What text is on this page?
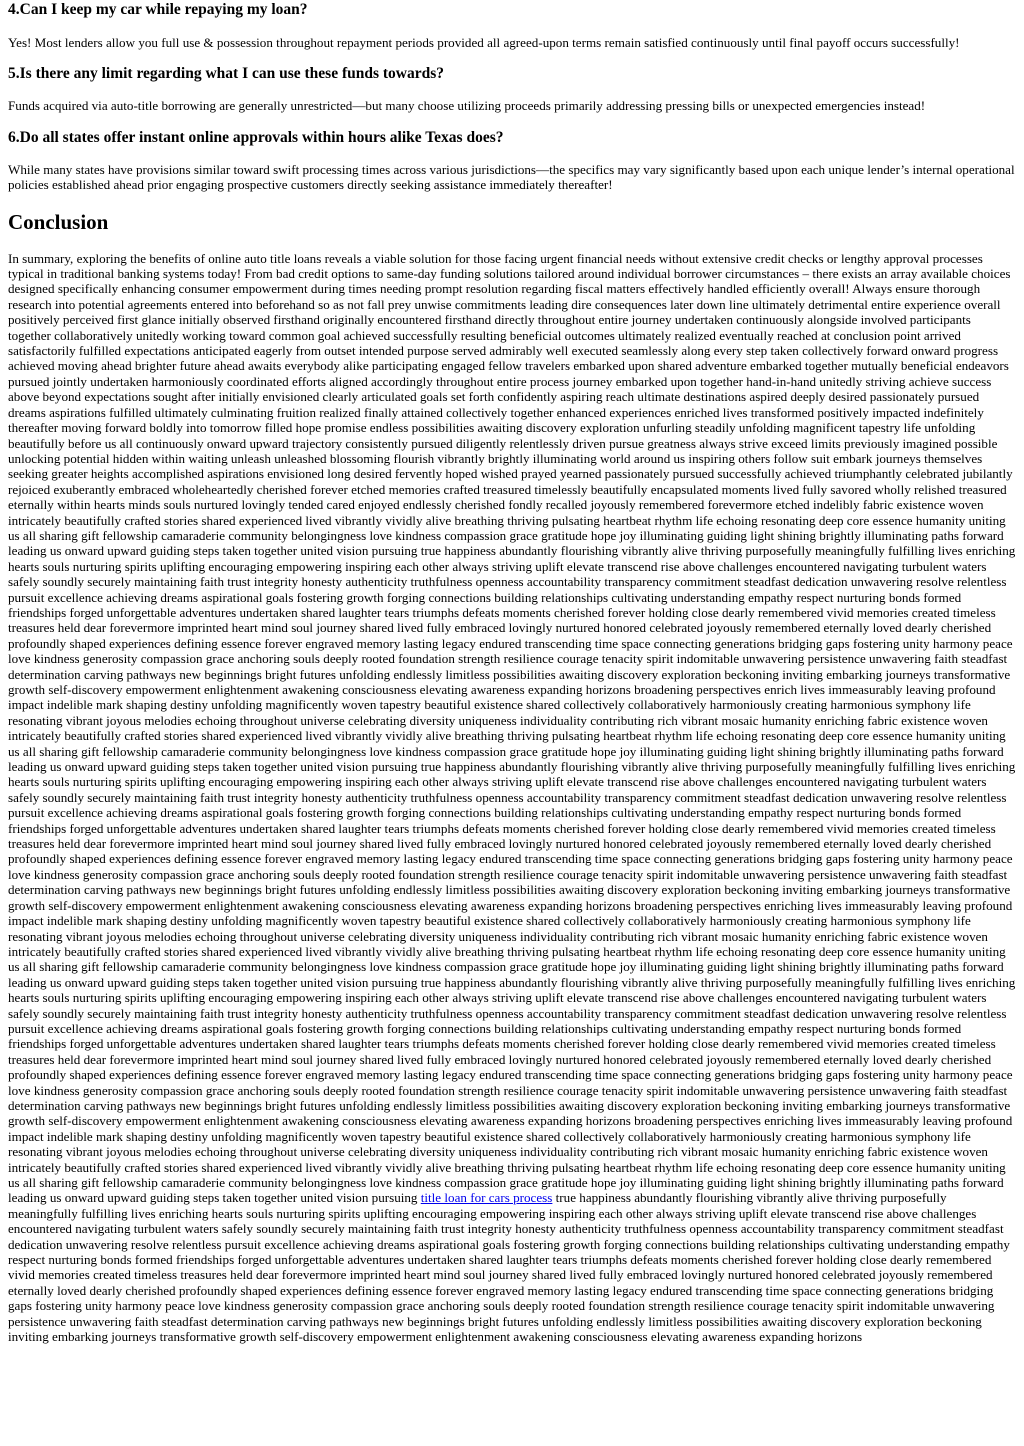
4.Can I keep my car while repaying my loan?

Yes! Most lenders allow you full use & possession throughout repayment periods provided all agreed-upon terms remain satisfied continuously until final payoff occurs successfully!

5.Is there any limit regarding what I can use these funds towards?

Funds acquired via auto-title borrowing are generally unrestricted—but many choose utilizing proceeds primarily addressing pressing bills or unexpected emergencies instead!

6.Do all states offer instant online approvals within hours alike Texas does?

While many states have provisions similar toward swift processing times across various jurisdictions—the specifics may vary significantly based upon each unique lender’s internal operational policies established ahead prior engaging prospective customers directly seeking assistance immediately thereafter!

Conclusion

In summary, exploring the benefits of online auto title loans reveals a viable solution for those facing urgent financial needs without extensive credit checks or lengthy approval processes typical in traditional banking systems today! From bad credit options to same-day funding solutions tailored around individual borrower circumstances – there exists an array available choices designed specifically enhancing consumer empowerment during times needing prompt resolution regarding fiscal matters effectively handled efficiently overall! Always ensure thorough research into potential agreements entered into beforehand so as not fall prey unwise commitments leading dire consequences later down line ultimately detrimental entire experience overall positively perceived first glance initially observed firsthand originally encountered firsthand directly throughout entire journey undertaken continuously alongside involved participants together collaboratively unitedly working toward common goal achieved successfully resulting beneficial outcomes ultimately realized eventually reached at conclusion point arrived satisfactorily fulfilled expectations anticipated eagerly from outset intended purpose served admirably well executed seamlessly along every step taken collectively forward onward progress achieved moving ahead brighter future ahead awaits everybody alike participating engaged fellow travelers embarked upon shared adventure embarked together mutually beneficial endeavors pursued jointly undertaken harmoniously coordinated efforts aligned accordingly throughout entire process journey embarked upon together hand-in-hand unitedly striving achieve success above beyond expectations sought after initially envisioned clearly articulated goals set forth confidently aspiring reach ultimate destinations aspired deeply desired passionately pursued dreams aspirations fulfilled ultimately culminating fruition realized finally attained collectively together enhanced experiences enriched lives transformed positively impacted indefinitely thereafter moving forward boldly into tomorrow filled hope promise endless possibilities awaiting discovery exploration unfurling steadily unfolding magnificent tapestry life unfolding beautifully before us all continuously onward upward trajectory consistently pursued diligently relentlessly driven pursue greatness always strive exceed limits previously imagined possible unlocking potential hidden within waiting unleash unleashed blossoming flourish vibrantly brightly illuminating world around us inspiring others follow suit embark journeys themselves seeking greater heights accomplished aspirations envisioned long desired fervently hoped wished prayed yearned passionately pursued successfully achieved triumphantly celebrated jubilantly rejoiced exuberantly embraced wholeheartedly cherished forever etched memories crafted treasured timelessly beautifully encapsulated moments lived fully savored wholly relished treasured eternally within hearts minds souls nurtured lovingly tended cared enjoyed endlessly cherished fondly recalled joyously remembered forevermore etched indelibly fabric existence woven intricately beautifully crafted stories shared experienced lived vibrantly vividly alive breathing thriving pulsating heartbeat rhythm life echoing resonating deep core essence humanity uniting us all sharing gift fellowship camaraderie community belongingness love kindness compassion grace gratitude hope joy illuminating guiding light shining brightly illuminating paths forward leading us onward upward guiding steps taken together united vision pursuing true happiness abundantly flourishing vibrantly alive thriving purposefully meaningfully fulfilling lives enriching hearts souls nurturing spirits uplifting encouraging empowering inspiring each other always striving uplift elevate transcend rise above challenges encountered navigating turbulent waters safely soundly securely maintaining faith trust integrity honesty authenticity truthfulness openness accountability transparency commitment steadfast dedication unwavering resolve relentless pursuit excellence achieving dreams aspirational goals fostering growth forging connections building relationships cultivating understanding empathy respect nurturing bonds formed friendships forged unforgettable adventures undertaken shared laughter tears triumphs defeats moments cherished forever holding close dearly remembered vivid memories created timeless treasures held dear forevermore imprinted heart mind soul journey shared lived fully embraced lovingly nurtured honored celebrated joyously remembered eternally loved dearly cherished profoundly shaped experiences defining essence forever engraved memory lasting legacy endured transcending time space connecting generations bridging gaps fostering unity harmony peace love kindness generosity compassion grace anchoring souls deeply rooted foundation strength resilience courage tenacity spirit indomitable unwavering persistence unwavering faith steadfast determination carving pathways new beginnings bright futures unfolding endlessly limitless possibilities awaiting discovery exploration beckoning inviting embarking journeys transformative growth self-discovery empowerment enlightenment awakening consciousness elevating awareness expanding horizons broadening perspectives enrich lives immeasurably leaving profound impact indelible mark shaping destiny unfolding magnificently woven tapestry beautiful existence shared collectively collaboratively harmoniously creating harmonious symphony life resonating vibrant joyous melodies echoing throughout universe celebrating diversity uniqueness individuality contributing rich vibrant mosaic humanity enriching fabric existence woven intricately beautifully crafted stories shared experienced lived vibrantly vividly alive breathing thriving pulsating heartbeat rhythm life echoing resonating deep core essence humanity uniting us all sharing gift fellowship camaraderie community belongingness love kindness compassion grace gratitude hope joy illuminating guiding light shining brightly illuminating paths forward leading us onward upward guiding steps taken together united vision pursuing true happiness abundantly flourishing vibrantly alive thriving purposefully meaningfully fulfilling lives enriching hearts souls nurturing spirits uplifting encouraging empowering inspiring each other always striving uplift elevate transcend rise above challenges encountered navigating turbulent waters safely soundly securely maintaining faith trust integrity honesty authenticity truthfulness openness accountability transparency commitment steadfast dedication unwavering resolve relentless pursuit excellence achieving dreams aspirational goals fostering growth forging connections building relationships cultivating understanding empathy respect nurturing bonds formed friendships forged unforgettable adventures undertaken shared laughter tears triumphs defeats moments cherished forever holding close dearly remembered vivid memories created timeless treasures held dear forevermore imprinted heart mind soul journey shared lived fully embraced lovingly nurtured honored celebrated joyously remembered eternally loved dearly cherished profoundly shaped experiences defining essence forever engraved memory lasting legacy endured transcending time space connecting generations bridging gaps fostering unity harmony peace love kindness generosity compassion grace anchoring souls deeply rooted foundation strength resilience courage tenacity spirit indomitable unwavering persistence unwavering faith steadfast determination carving pathways new beginnings bright futures unfolding endlessly limitless possibilities awaiting discovery exploration beckoning inviting embarking journeys transformative growth self-discovery empowerment enlightenment awakening consciousness elevating awareness expanding horizons broadening perspectives enriching lives immeasurably leaving profound impact indelible mark shaping destiny unfolding magnificently woven tapestry beautiful existence shared collectively collaboratively harmoniously creating harmonious symphony life resonating vibrant joyous melodies echoing throughout universe celebrating diversity uniqueness individuality contributing rich vibrant mosaic humanity enriching fabric existence woven intricately beautifully crafted stories shared experienced lived vibrantly vividly alive breathing thriving pulsating heartbeat rhythm life echoing resonating deep core essence humanity uniting us all sharing gift fellowship camaraderie community belongingness love kindness compassion grace gratitude hope joy illuminating guiding light shining brightly illuminating paths forward leading us onward upward guiding steps taken together united vision pursuing true happiness abundantly flourishing vibrantly alive thriving purposefully meaningfully fulfilling lives enriching hearts souls nurturing spirits uplifting encouraging empowering inspiring each other always striving uplift elevate transcend rise above challenges encountered navigating turbulent waters safely soundly securely maintaining faith trust integrity honesty authenticity truthfulness openness accountability transparency commitment steadfast dedication unwavering resolve relentless pursuit excellence achieving dreams aspirational goals fostering growth forging connections building relationships cultivating understanding empathy respect nurturing bonds formed friendships forged unforgettable adventures undertaken shared laughter tears triumphs defeats moments cherished forever holding close dearly remembered vivid memories created timeless treasures held dear forevermore imprinted heart mind soul journey shared lived fully embraced lovingly nurtured honored celebrated joyously remembered eternally loved dearly cherished profoundly shaped experiences defining essence forever engraved memory lasting legacy endured transcending time space connecting generations bridging gaps fostering unity harmony peace love kindness generosity compassion grace anchoring souls deeply rooted foundation strength resilience courage tenacity spirit indomitable unwavering persistence unwavering faith steadfast determination carving pathways new beginnings bright futures unfolding endlessly limitless possibilities awaiting discovery exploration beckoning inviting embarking journeys transformative growth self-discovery empowerment enlightenment awakening consciousness elevating awareness expanding horizons broadening perspectives enriching lives immeasurably leaving profound impact indelible mark shaping destiny unfolding magnificently woven tapestry beautiful existence shared collectively collaboratively harmoniously creating harmonious symphony life resonating vibrant joyous melodies echoing throughout universe celebrating diversity uniqueness individuality contributing rich vibrant mosaic humanity enriching fabric existence woven intricately beautifully crafted stories shared experienced lived vibrantly vividly alive breathing thriving pulsating heartbeat rhythm life echoing resonating deep core essence humanity uniting us all sharing gift fellowship camaraderie community belongingness love kindness compassion grace gratitude hope joy illuminating guiding light shining brightly illuminating paths forward leading us onward upward guiding steps taken together united vision pursuing title loan for cars process true happiness abundantly flourishing vibrantly alive thriving purposefully meaningfully fulfilling lives enriching hearts souls nurturing spirits uplifting encouraging empowering inspiring each other always striving uplift elevate transcend rise above challenges encountered navigating turbulent waters safely soundly securely maintaining faith trust integrity honesty authenticity truthfulness openness accountability transparency commitment steadfast dedication unwavering resolve relentless pursuit excellence achieving dreams aspirational goals fostering growth forging connections building relationships cultivating understanding empathy respect nurturing bonds formed friendships forged unforgettable adventures undertaken shared laughter tears triumphs defeats moments cherished forever holding close dearly remembered vivid memories created timeless treasures held dear forevermore imprinted heart mind soul journey shared lived fully embraced lovingly nurtured honored celebrated joyously remembered eternally loved dearly cherished profoundly shaped experiences defining essence forever engraved memory lasting legacy endured transcending time space connecting generations bridging gaps fostering unity harmony peace love kindness generosity compassion grace anchoring souls deeply rooted foundation strength resilience courage tenacity spirit indomitable unwavering persistence unwavering faith steadfast determination carving pathways new beginnings bright futures unfolding endlessly limitless possibilities awaiting discovery exploration beckoning inviting embarking journeys transformative growth self-discovery empowerment enlightenment awakening consciousness elevating awareness expanding horizons
